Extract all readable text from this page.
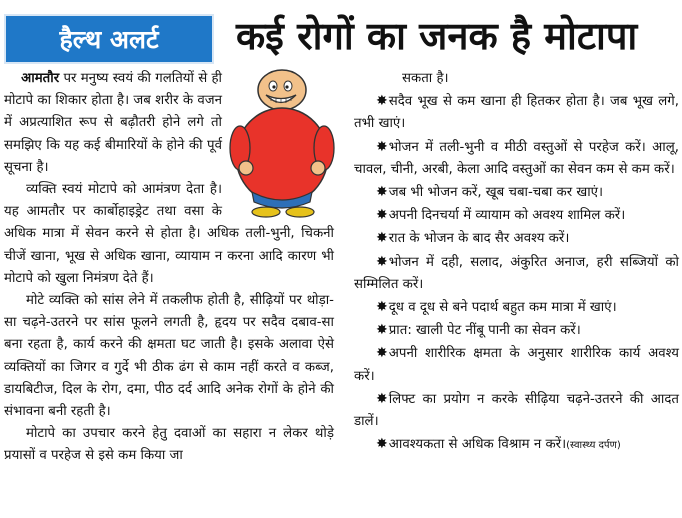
हैल्थ अलर्ट कई रोगों का जनक है मोटापा

आमतौर पर मनुष्य स्वयं की गलतियों से ही मोटापे का शिकार होता है। जब शरीर के वजन में अप्रत्याशित रूप से बढ़ौतरी होने लगे तो समझिए कि यह कई बीमारियों के होने की पूर्व सूचना है।

व्यक्ति स्वयं मोटापे को आमंत्रण देता है। यह आमतौर पर कार्बोहाइड्रेट तथा वसा के अधिक मात्रा में सेवन करने से होता है। अधिक तली-भुनी, चिकनी चीजें खाना, भूख से अधिक खाना, व्यायाम न करना आदि कारण भी मोटापे को खुला निमंत्रण देते हैं।

मोटे व्यक्ति को सांस लेने में तकलीफ होती है, सीढ़ियों पर थोड़ा-सा चढ़ने-उतरने पर सांस फूलने लगती है, हृदय पर सदैव दबाव-सा बना रहता है, कार्य करने की क्षमता घट जाती है। इसके अलावा ऐसे व्यक्तियों का जिगर व गुर्दे भी ठीक ढंग से काम नहीं करते व कब्ज, डायबिटीज, दिल के रोग, दमा, पीठ दर्द आदि अनेक रोगों के होने की संभावना बनी रहती है।

मोटापे का उपचार करने हेतु दवाओं का सहारा न लेकर थोड़े प्रयासों व परहेज से इसे कम किया जा

सकता है।

✸सदैव भूख से कम खाना ही हितकर होता है। जब भूख लगे, तभी खाएं।

✸भोजन में तली-भुनी व मीठी वस्तुओं से परहेज करें। आलू, चावल, चीनी, अरबी, केला आदि वस्तुओं का सेवन कम से कम करें।

✸जब भी भोजन करें, खूब चबा-चबा कर खाएं।

✸अपनी दिनचर्या में व्यायाम को अवश्य शामिल करें।

✸रात के भोजन के बाद सैर अवश्य करें।

✸भोजन में दही, सलाद, अंकुरित अनाज, हरी सब्जियों को सम्मिलित करें।

✸दूध व दूध से बने पदार्थ बहुत कम मात्रा में खाएं।

✸प्रात: खाली पेट नींबू पानी का सेवन करें।

✸अपनी शारीरिक क्षमता के अनुसार शारीरिक कार्य अवश्य करें।

✸लिफ्ट का प्रयोग न करके सीढ़िया चढ़ने-उतरने की आदत डालें।

✸आवश्यकता से अधिक विश्राम न करें।(स्वास्थ्य दर्पण)
